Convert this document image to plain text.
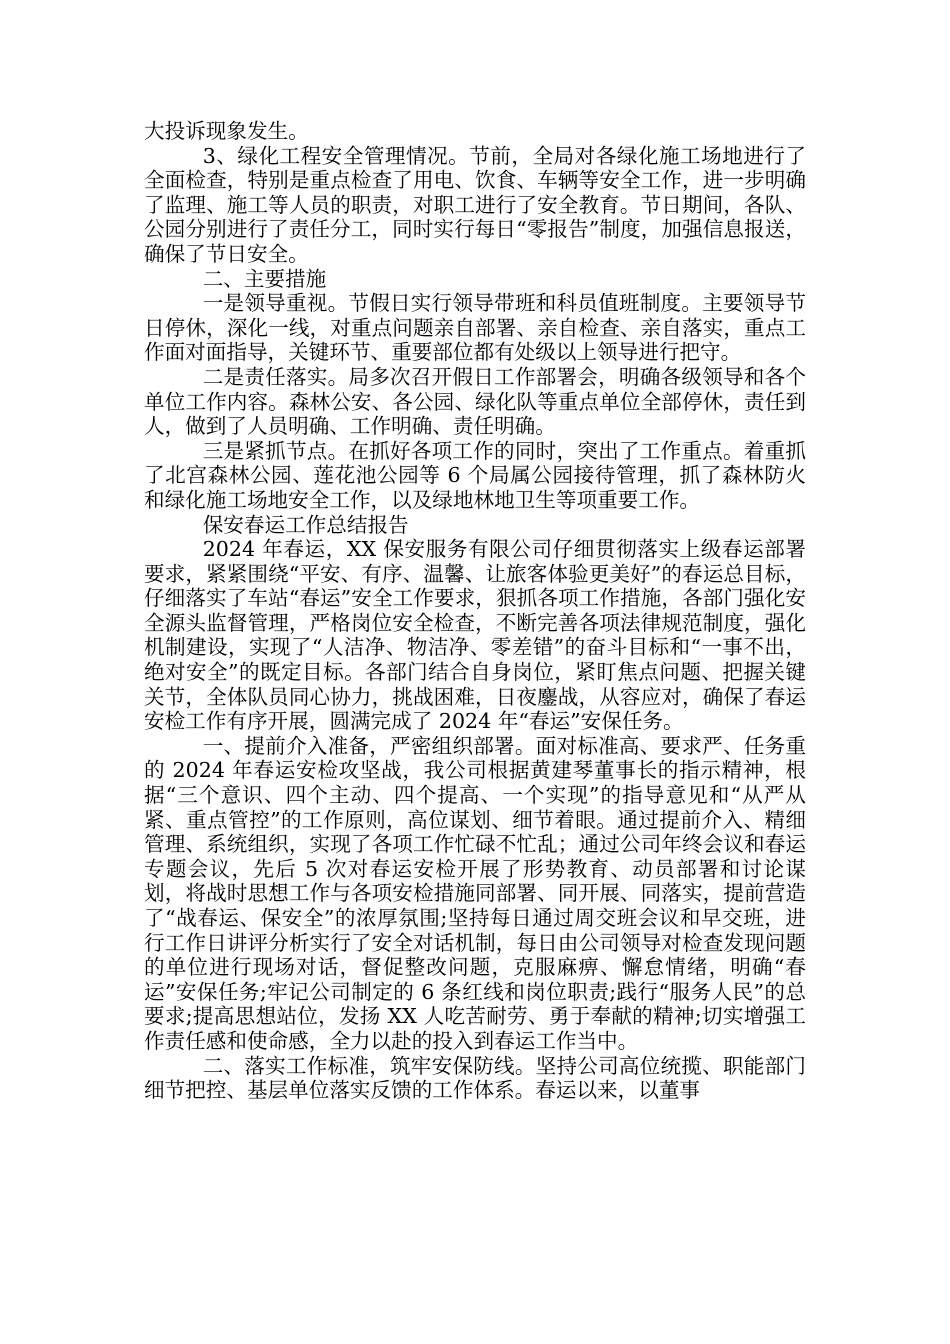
大投诉现象发生。

3、绿化工程安全管理情况。节前，全局对各绿化施工场地进行了全面检查，特别是重点检查了用电、饮食、车辆等安全工作，进一步明确了监理、施工等人员的职责，对职工进行了安全教育。节日期间，各队、公园分别进行了责任分工，同时实行每日“零报告”制度，加强信息报送，确保了节日安全。

二、主要措施

一是领导重视。节假日实行领导带班和科员值班制度。主要领导节日停休，深化一线，对重点问题亲自部署、亲自检查、亲自落实，重点工作面对面指导，关键环节、重要部位都有处级以上领导进行把守。

二是责任落实。局多次召开假日工作部署会，明确各级领导和各个单位工作内容。森林公安、各公园、绿化队等重点单位全部停休，责任到人，做到了人员明确、工作明确、责任明确。

三是紧抓节点。在抓好各项工作的同时，突出了工作重点。着重抓了北宫森林公园、莲花池公园等 6 个局属公园接待管理，抓了森林防火和绿化施工场地安全工作，以及绿地林地卫生等项重要工作。

保安春运工作总结报告

2024 年春运，XX 保安服务有限公司仔细贯彻落实上级春运部署要求，紧紧围绕“平安、有序、温馨、让旅客体验更美好”的春运总目标，仔细落实了车站“春运”安全工作要求，狠抓各项工作措施，各部门强化安全源头监督管理，严格岗位安全检查，不断完善各项法律规范制度，强化机制建设，实现了“人洁净、物洁净、零差错”的奋斗目标和“一事不出，绝对安全”的既定目标。各部门结合自身岗位，紧盯焦点问题、把握关键关节，全体队员同心协力，挑战困难，日夜鏖战，从容应对，确保了春运安检工作有序开展，圆满完成了 2024 年“春运”安保任务。

一、提前介入准备，严密组织部署。面对标准高、要求严、任务重的 2024 年春运安检攻坚战，我公司根据黄建琴董事长的指示精神，根据“三个意识、四个主动、四个提高、一个实现”的指导意见和“从严从紧、重点管控”的工作原则，高位谋划、细节着眼。通过提前介入、精细管理、系统组织，实现了各项工作忙碌不忙乱；通过公司年终会议和春运专题会议，先后 5 次对春运安检开展了形势教育、动员部署和讨论谋划，将战时思想工作与各项安检措施同部署、同开展、同落实，提前营造了“战春运、保安全”的浓厚氛围;坚持每日通过周交班会议和早交班，进行工作日讲评分析实行了安全对话机制，每日由公司领导对检查发现问题的单位进行现场对话，督促整改问题，克服麻痹、懈怠情绪，明确“春运”安保任务;牢记公司制定的 6 条红线和岗位职责;践行“服务人民”的总要求;提高思想站位，发扬 XX 人吃苦耐劳、勇于奉献的精神;切实增强工作责任感和使命感，全力以赴的投入到春运工作当中。

二、落实工作标准，筑牢安保防线。坚持公司高位统揽、职能部门细节把控、基层单位落实反馈的工作体系。春运以来，以董事
